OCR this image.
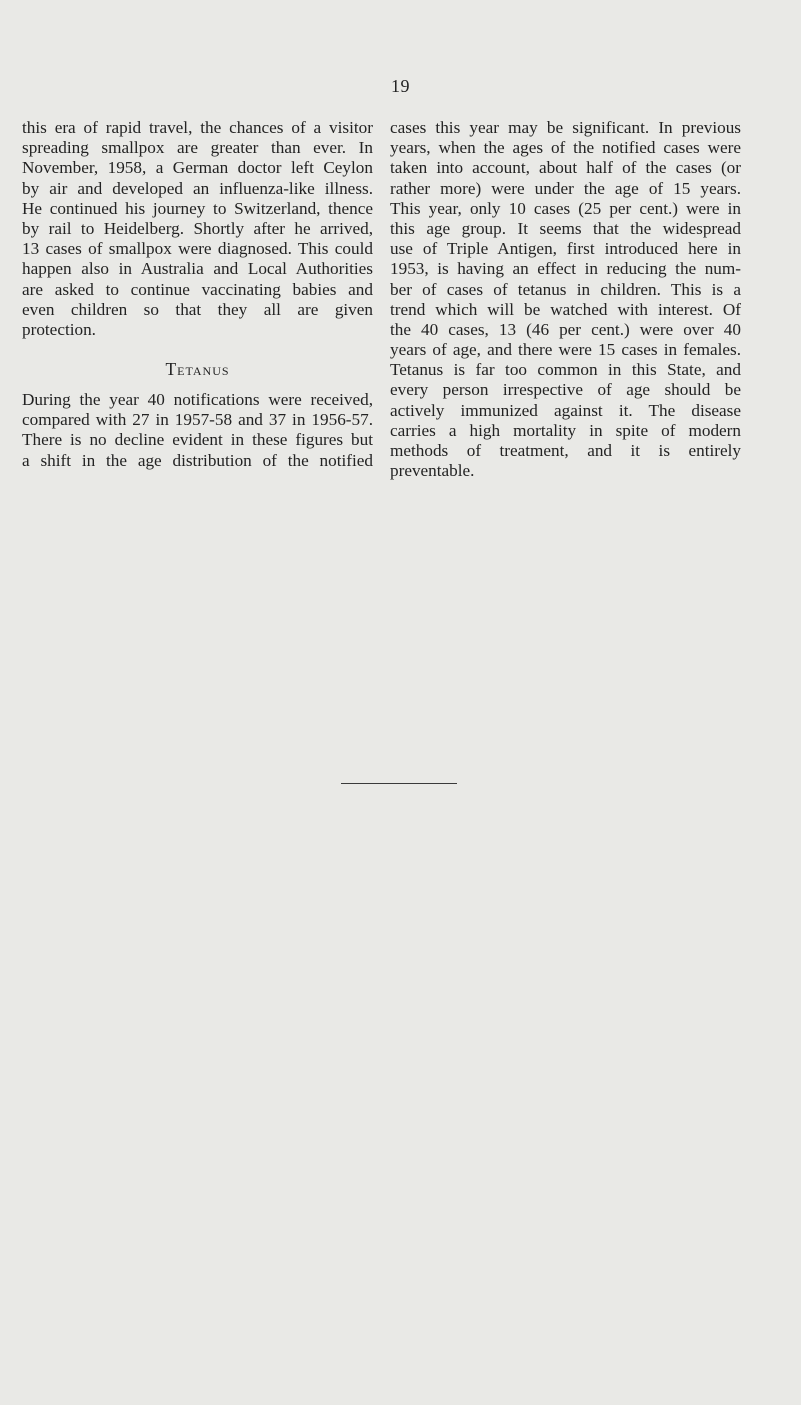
19
this era of rapid travel, the chances of a visitor
spreading smallpox are greater than ever. In
November, 1958, a German doctor left Ceylon
by air and developed an influenza-like illness.
He continued his journey to Switzerland, thence
by rail to Heidelberg. Shortly after he arrived,
13 cases of smallpox were diagnosed. This could
happen also in Australia and Local Authorities
are asked to continue vaccinating babies and
even children so that they all are given
protection.
Tetanus
During the year 40 notifications were received,
compared with 27 in 1957-58 and 37 in 1956-57.
There is no decline evident in these figures but
a shift in the age distribution of the notified
cases this year may be significant. In previous
years, when the ages of the notified cases were
taken into account, about half of the cases (or
rather more) were under the age of 15 years.
This year, only 10 cases (25 per cent.) were in
this age group. It seems that the widespread
use of Triple Antigen, first introduced here in
1953, is having an effect in reducing the num-
ber of cases of tetanus in children. This is a
trend which will be watched with interest. Of
the 40 cases, 13 (46 per cent.) were over 40
years of age, and there were 15 cases in females.
Tetanus is far too common in this State, and
every person irrespective of age should be
actively immunized against it. The disease
carries a high mortality in spite of modern
methods of treatment, and it is entirely
preventable.
